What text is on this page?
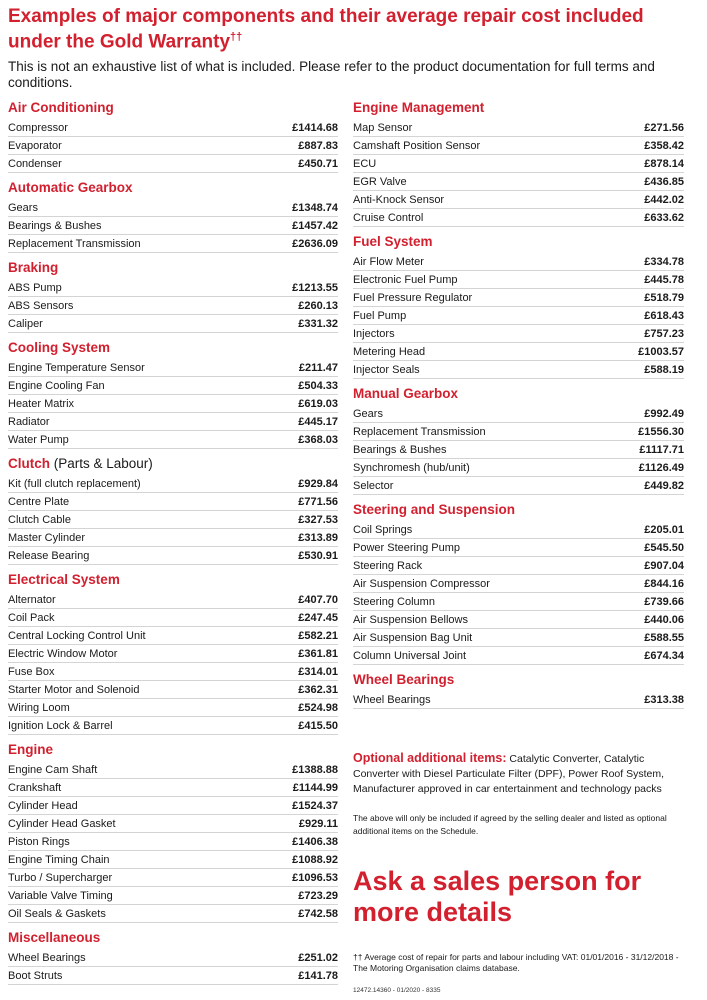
Examples of major components and their average repair cost included under the Gold Warranty††
This is not an exhaustive list of what is included. Please refer to the product documentation for full terms and conditions.
Air Conditioning
Compressor	£1414.68
Evaporator	£887.83
Condenser	£450.71
Automatic Gearbox
Gears	£1348.74
Bearings & Bushes	£1457.42
Replacement Transmission	£2636.09
Braking
ABS Pump	£1213.55
ABS Sensors	£260.13
Caliper	£331.32
Cooling System
Engine Temperature Sensor	£211.47
Engine Cooling Fan	£504.33
Heater Matrix	£619.03
Radiator	£445.17
Water Pump	£368.03
Clutch (Parts & Labour)
Kit (full clutch replacement)	£929.84
Centre Plate	£771.56
Clutch Cable	£327.53
Master Cylinder	£313.89
Release Bearing	£530.91
Electrical System
Alternator	£407.70
Coil Pack	£247.45
Central Locking Control Unit	£582.21
Electric Window Motor	£361.81
Fuse Box	£314.01
Starter Motor and Solenoid	£362.31
Wiring Loom	£524.98
Ignition Lock & Barrel	£415.50
Engine
Engine Cam Shaft	£1388.88
Crankshaft	£1144.99
Cylinder Head	£1524.37
Cylinder Head Gasket	£929.11
Piston Rings	£1406.38
Engine Timing Chain	£1088.92
Turbo / Supercharger	£1096.53
Variable Valve Timing	£723.29
Oil Seals & Gaskets	£742.58
Miscellaneous
Wheel Bearings	£251.02
Boot Struts	£141.78
Engine Management
Map Sensor	£271.56
Camshaft Position Sensor	£358.42
ECU	£878.14
EGR Valve	£436.85
Anti-Knock Sensor	£442.02
Cruise Control	£633.62
Fuel System
Air Flow Meter	£334.78
Electronic Fuel Pump	£445.78
Fuel Pressure Regulator	£518.79
Fuel Pump	£618.43
Injectors	£757.23
Metering Head	£1003.57
Injector Seals	£588.19
Manual Gearbox
Gears	£992.49
Replacement Transmission	£1556.30
Bearings & Bushes	£1117.71
Synchromesh (hub/unit)	£1126.49
Selector	£449.82
Steering and Suspension
Coil Springs	£205.01
Power Steering Pump	£545.50
Steering Rack	£907.04
Air Suspension Compressor	£844.16
Steering Column	£739.66
Air Suspension Bellows	£440.06
Air Suspension Bag Unit	£588.55
Column Universal Joint	£674.34
Wheel Bearings
Wheel Bearings	£313.38
Optional additional items: Catalytic Converter, Catalytic Converter with Diesel Particulate Filter (DPF), Power Roof System, Manufacturer approved in car entertainment and technology packs
The above will only be included if agreed by the selling dealer and listed as optional additional items on the Schedule.
Ask a sales person for more details
†† Average cost of repair for parts and labour including VAT: 01/01/2016 - 31/12/2018 - The Motoring Organisation claims database.
12472.14360 - 01/2020 - 8335
